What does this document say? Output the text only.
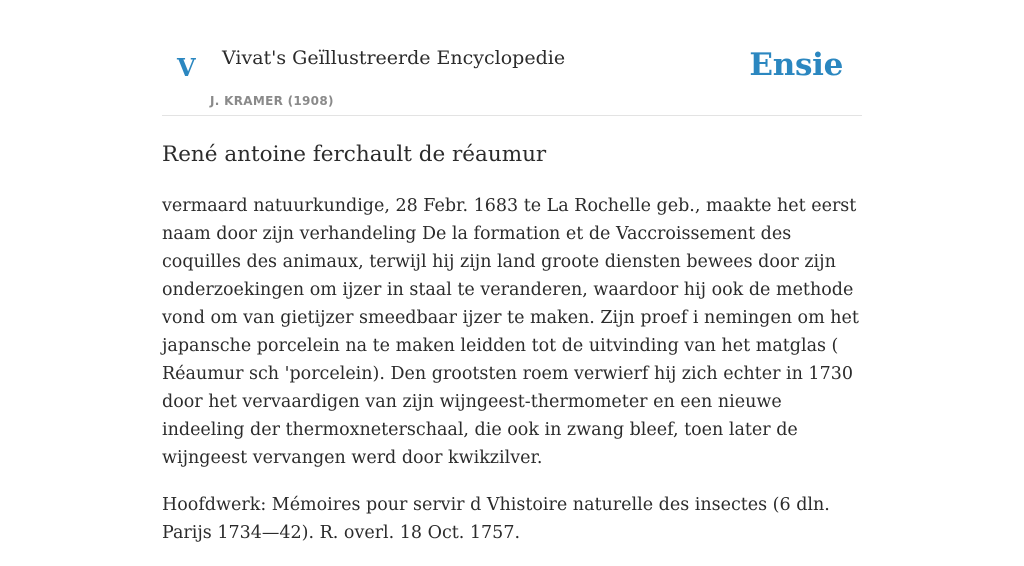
V Vivat's Geïllustreerde Encyclopedie
J. KRAMER (1908)
Ensie
René antoine ferchault de réaumur

vermaard natuurkundige, 28 Febr. 1683 te La Rochelle geb., maakte het eerst naam door zijn verhandeling De la formation et de Vaccroissement des coquilles des animaux, terwijl hij zijn land groote diensten bewees door zijn onderzoekingen om ijzer in staal te veranderen, waardoor hij ook de methode vond om van gietijzer smeedbaar ijzer te maken. Zijn proef i nemingen om het japansche porcelein na te maken leidden tot de uitvinding van het matglas ( Réaumur sch 'porcelein). Den grootsten roem verwierf hij zich echter in 1730 door het vervaardigen van zijn wijngeest-thermometer en een nieuwe indeeling der thermoxneterschaal, die ook in zwang bleef, toen later de wijngeest vervangen werd door kwikzilver.

Hoofdwerk: Mémoires pour servir d Vhistoire naturelle des insectes (6 dln. Parijs 1734—42). R. overl. 18 Oct. 1757.
